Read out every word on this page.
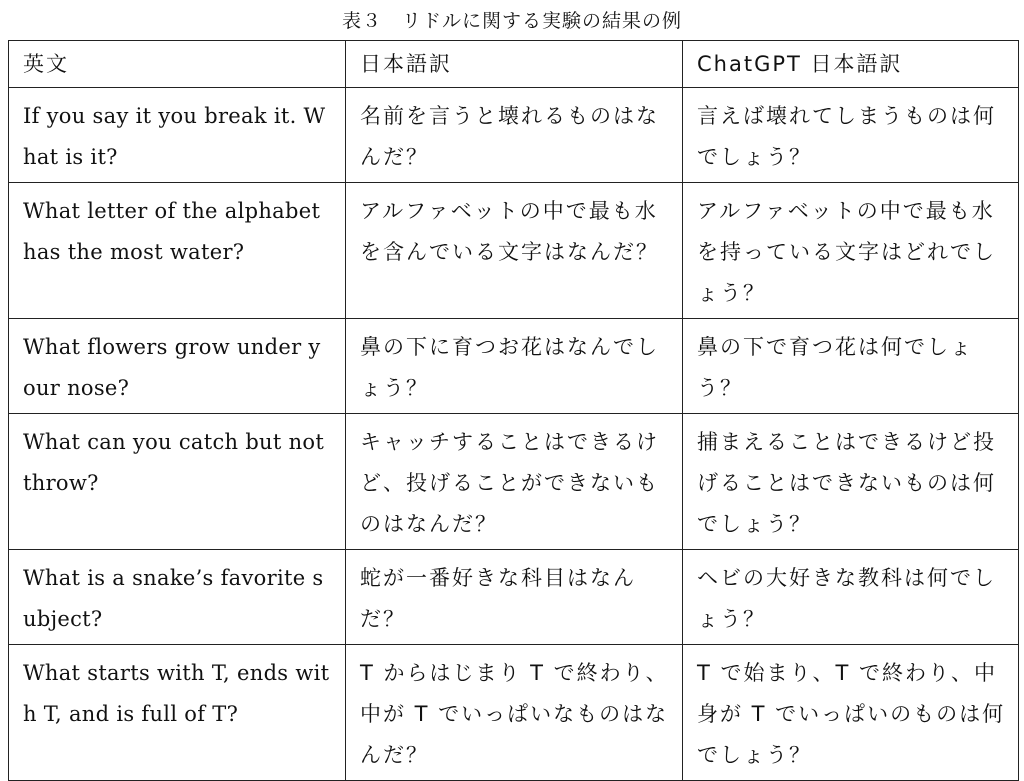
表３　リドルに関する実験の結果の例
英文	日本語訳	ChatGPT 日本語訳
If you say it you break it. What is it?	名前を言うと壊れるものはなんだ？	言えば壊れてしまうものは何でしょう？
What letter of the alphabet has the most water?	アルファベットの中で最も水を含んでいる文字はなんだ？	アルファベットの中で最も水を持っている文字はどれでしょう？
What flowers grow under your nose?	鼻の下に育つお花はなんでしょう？	鼻の下で育つ花は何でしょう？
What can you catch but not throw?	キャッチすることはできるけど、投げることができないものはなんだ？	捕まえることはできるけど投げることはできないものは何でしょう？
What is a snake’s favorite subject?	蛇が一番好きな科目はなんだ？	ヘビの大好きな教科は何でしょう？
What starts with T, ends with T, and is full of T?	T からはじまり T で終わり、中が T でいっぱいなものはなんだ？	T で始まり、T で終わり、中身が T でいっぱいのものは何でしょう？
